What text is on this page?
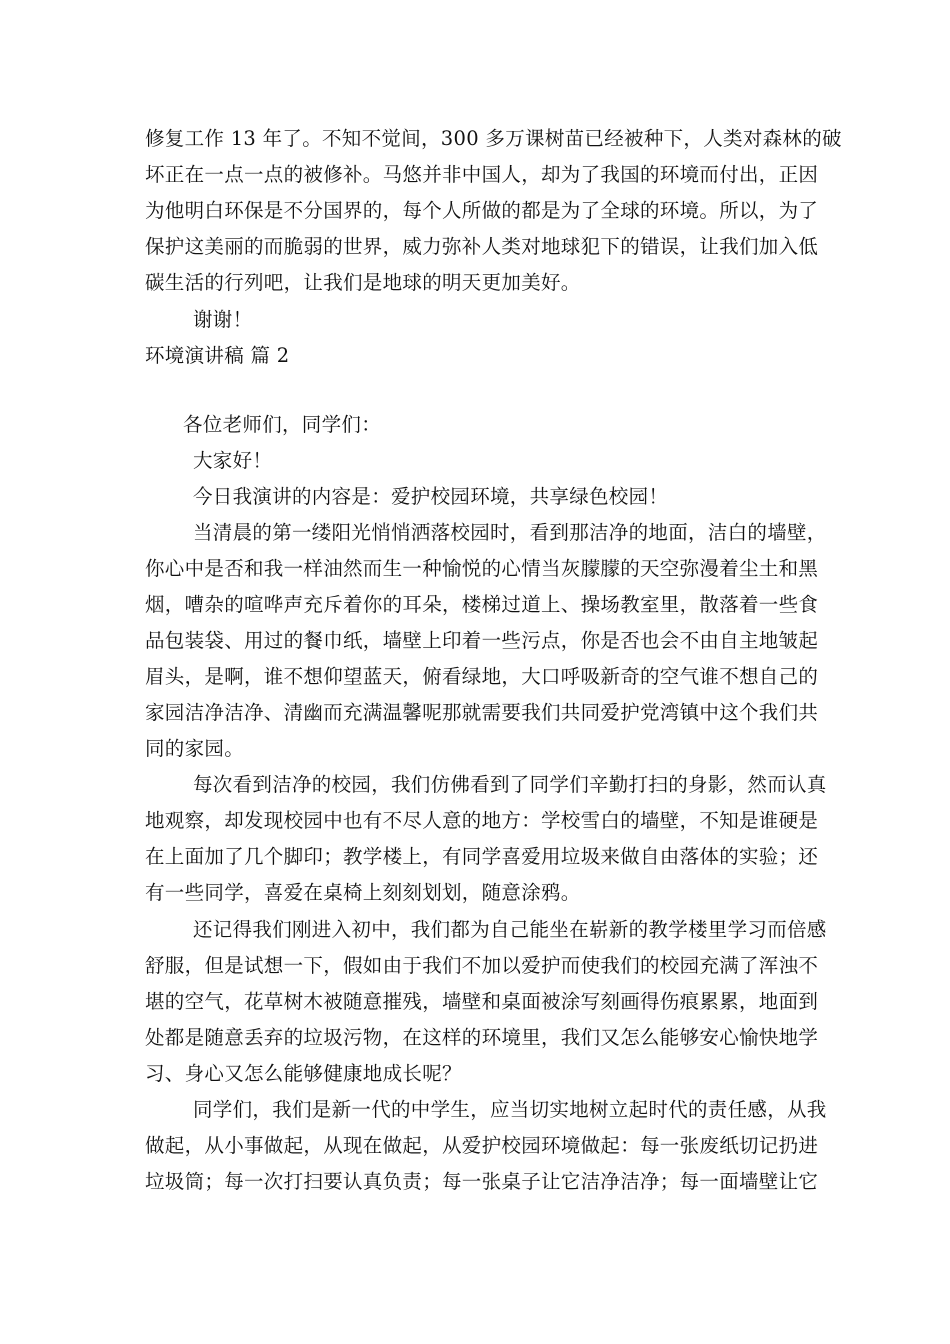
修复工作 13 年了。不知不觉间，300 多万课树苗已经被种下，人类对森林的破
坏正在一点一点的被修补。马悠并非中国人，却为了我国的环境而付出，正因
为他明白环保是不分国界的，每个人所做的都是为了全球的环境。所以，为了
保护这美丽的而脆弱的世界，威力弥补人类对地球犯下的错误，让我们加入低
碳生活的行列吧，让我们是地球的明天更加美好。
谢谢！
环境演讲稿 篇 2
各位老师们，同学们：
大家好！
今日我演讲的内容是：爱护校园环境，共享绿色校园！
当清晨的第一缕阳光悄悄洒落校园时，看到那洁净的地面，洁白的墙壁，
你心中是否和我一样油然而生一种愉悦的心情当灰朦朦的天空弥漫着尘土和黑
烟，嘈杂的喧哗声充斥着你的耳朵，楼梯过道上、操场教室里，散落着一些食
品包装袋、用过的餐巾纸，墙壁上印着一些污点，你是否也会不由自主地皱起
眉头，是啊，谁不想仰望蓝天，俯看绿地，大口呼吸新奇的空气谁不想自己的
家园洁净洁净、清幽而充满温馨呢那就需要我们共同爱护党湾镇中这个我们共
同的家园。
每次看到洁净的校园，我们仿佛看到了同学们辛勤打扫的身影，然而认真
地观察，却发现校园中也有不尽人意的地方：学校雪白的墙壁，不知是谁硬是
在上面加了几个脚印；教学楼上，有同学喜爱用垃圾来做自由落体的实验；还
有一些同学，喜爱在桌椅上刻刻划划，随意涂鸦。
还记得我们刚进入初中，我们都为自己能坐在崭新的教学楼里学习而倍感
舒服，但是试想一下，假如由于我们不加以爱护而使我们的校园充满了浑浊不
堪的空气，花草树木被随意摧残，墙壁和桌面被涂写刻画得伤痕累累，地面到
处都是随意丢弃的垃圾污物，在这样的环境里，我们又怎么能够安心愉快地学
习、身心又怎么能够健康地成长呢？
同学们，我们是新一代的中学生，应当切实地树立起时代的责任感，从我
做起，从小事做起，从现在做起，从爱护校园环境做起：每一张废纸切记扔进
垃圾筒；每一次打扫要认真负责；每一张桌子让它洁净洁净；每一面墙壁让它
